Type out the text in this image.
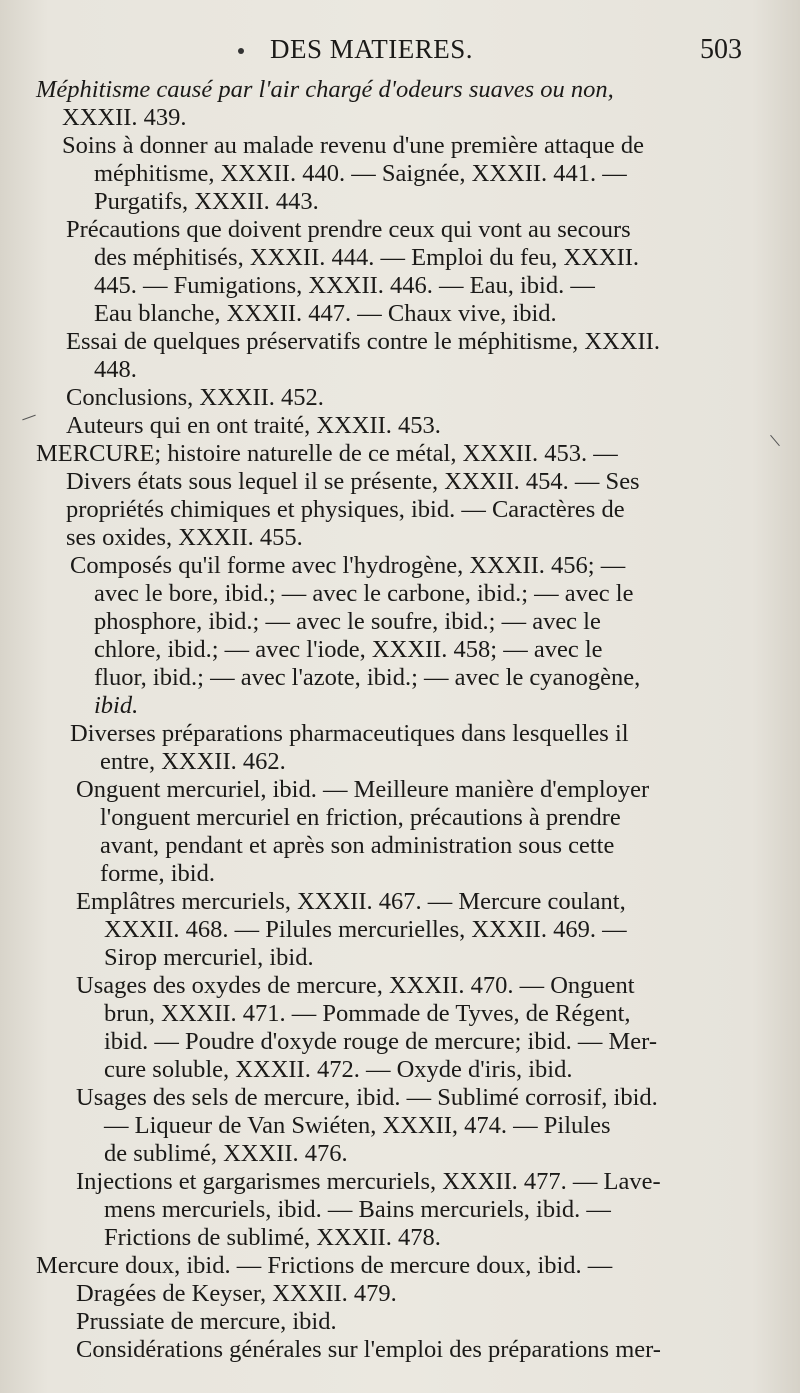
DES MATIERES.	503
Méphitisme causé par l'air chargé d'odeurs suaves ou non,
XXXII. 439.
Soins à donner au malade revenu d'une première attaque de
méphitisme, XXXII. 440. — Saignée, XXXII. 441. —
Purgatifs, XXXII. 443.
Précautions que doivent prendre ceux qui vont au secours
des méphitisés, XXXII. 444. — Emploi du feu, XXXII.
445. — Fumigations, XXXII. 446. — Eau, ibid. —
Eau blanche, XXXII. 447. — Chaux vive, ibid.
Essai de quelques préservatifs contre le méphitisme, XXXII.
448.
Conclusions, XXXII. 452.
Auteurs qui en ont traité, XXXII. 453.
MERCURE; histoire naturelle de ce métal, XXXII. 453. —
Divers états sous lequel il se présente, XXXII. 454. — Ses
propriétés chimiques et physiques, ibid. — Caractères de
ses oxides, XXXII. 455.
Composés qu'il forme avec l'hydrogène, XXXII. 456; —
avec le bore, ibid.; — avec le carbone, ibid.; — avec le
phosphore, ibid.; — avec le soufre, ibid.; — avec le
chlore, ibid.; — avec l'iode, XXXII. 458; — avec le
fluor, ibid.; — avec l'azote, ibid.; — avec le cyanogène,
ibid.
Diverses préparations pharmaceutiques dans lesquelles il
entre, XXXII. 462.
Onguent mercuriel, ibid. — Meilleure manière d'employer
l'onguent mercuriel en friction, précautions à prendre
avant, pendant et après son administration sous cette
forme, ibid.
Emplâtres mercuriels, XXXII. 467. — Mercure coulant,
XXXII. 468. — Pilules mercurielles, XXXII. 469. —
Sirop mercuriel, ibid.
Usages des oxydes de mercure, XXXII. 470. — Onguent
brun, XXXII. 471. — Pommade de Tyves, de Régent,
ibid. — Poudre d'oxyde rouge de mercure; ibid. — Mer-
cure soluble, XXXII. 472. — Oxyde d'iris, ibid.
Usages des sels de mercure, ibid. — Sublimé corrosif, ibid.
— Liqueur de Van Swiéten, XXXII, 474. — Pilules
de sublimé, XXXII. 476.
Injections et gargarismes mercuriels, XXXII. 477. — Lave-
mens mercuriels, ibid. — Bains mercuriels, ibid. —
Frictions de sublimé, XXXII. 478.
Mercure doux, ibid. — Frictions de mercure doux, ibid. —
Dragées de Keyser, XXXII. 479.
Prussiate de mercure, ibid.
Considérations générales sur l'emploi des préparations mer-
